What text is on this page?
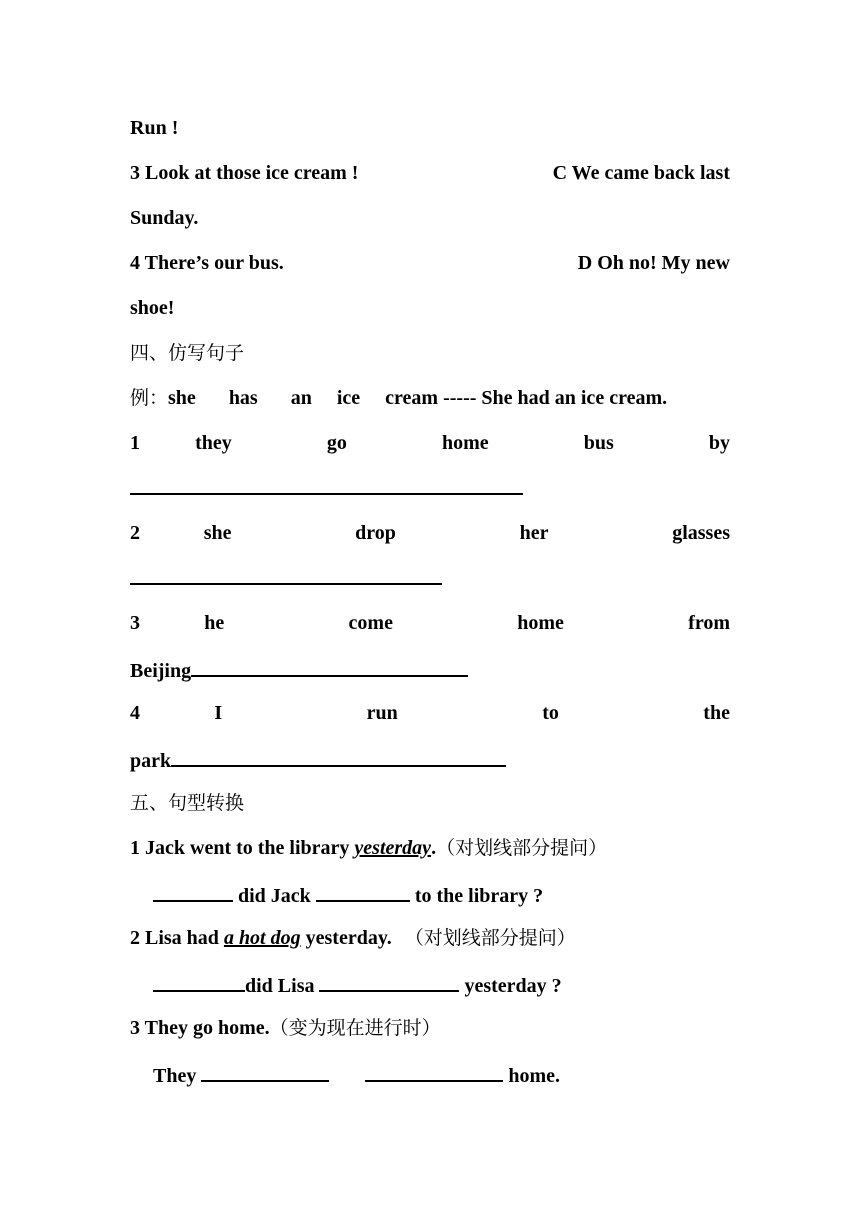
Run !
3 Look at those ice cream !	C We came back last
Sunday.
4 There’s our bus.	D Oh no! My new
shoe!
四、仿写句子
例：she has an ice cream ----- She had an ice cream.
1	they	go	home	bus	by
2	she	drop	her	glasses
3	he	come	home	from
Beijing
4	I	run	to	the
park
五、句型转换
1 Jack went to the library yesterday.（对划线部分提问）
did Jack	to the library ?
2 Lisa had a hot dog yesterday. （对划线部分提问）
did Lisa	yesterday ?
3 They go home.（变为现在进行时）
They	home.
